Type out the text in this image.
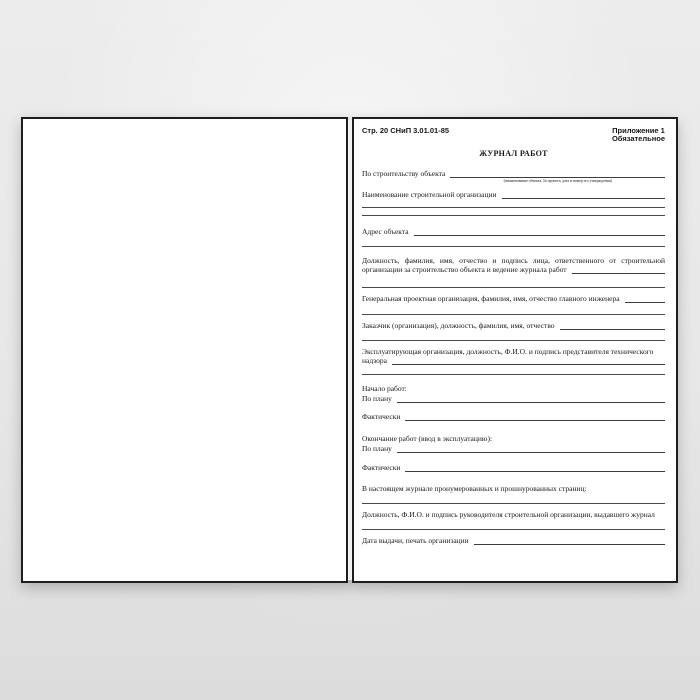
Стр. 20 СНиП 3.01.01-85	Приложение 1
Обязательное
ЖУРНАЛ РАБОТ
По строительству объекта
(наименование объекта, № проекта, дата и номер его утверждения)
Наименование строительной организации
Адрес объекта
Должность, фамилия, имя, отчество и подпись лица, ответственного от строительной
организации за строительство объекта и ведение журнала работ
Генеральная проектная организация, фамилия, имя, отчество главного инженера
Заказчик (организация), должность, фамилия, имя, отчество
Эксплуатирующая организация, должность, Ф.И.О. и подпись представителя технического
надзора
Начало работ:
По плану
Фактически
Окончание работ (ввод в эксплуатацию):
По плану
Фактически
В настоящем журнале пронумерованных и прошнурованных страниц:
Должность, Ф.И.О. и подпись руководителя строительной организации, выдавшего журнал
Дата выдачи, печать организации
